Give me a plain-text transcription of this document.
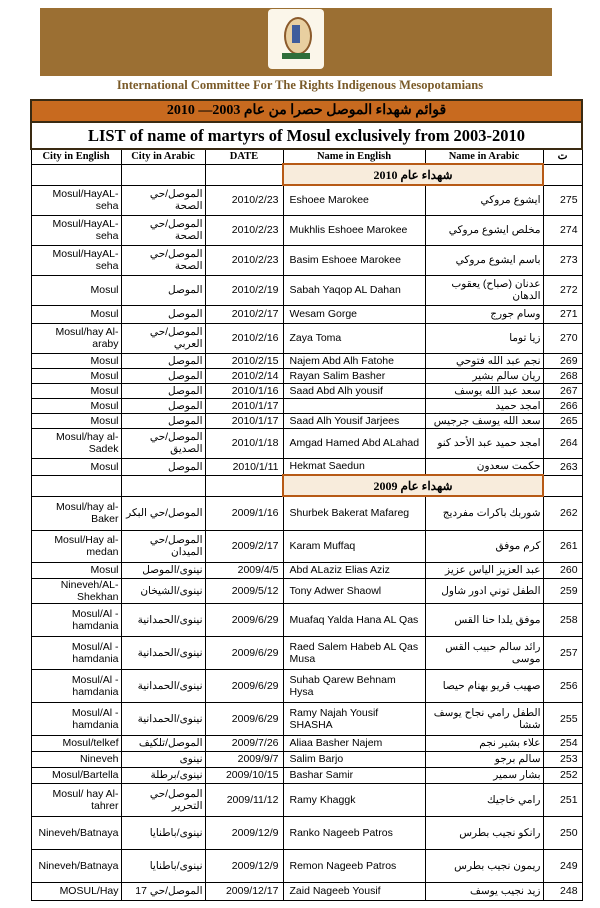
International Committee For The Rights Indigenous Mesopotamians
قوائم شهداء الموصل حصرا من عام 2003— 2010					
LIST of name of martyrs of Mosul exclusively from 2003-2010					
City in English	City in Arabic	DATE	Name in English	Name in Arabic	ت
			شهداء عام 2010		
Mosul/HayAL-seha	الموصل/حي الصحة	2010/2/23	Eshoee Marokee	ايشوع مروكي	275
Mosul/HayAL-seha	الموصل/حي الصحة	2010/2/23	Mukhlis Eshoee Marokee	مخلص ايشوع مروكي	274
Mosul/HayAL-seha	الموصل/حي الصحة	2010/2/23	Basim Eshoee Marokee	باسم ايشوع مروكي	273
Mosul	الموصل	2010/2/19	Sabah Yaqop AL Dahan	عدنان (صباح) يعقوب الدهان	272
Mosul	الموصل	2010/2/17	Wesam Gorge	وسام جورج	271
Mosul/hay Al-araby	الموصل/حي العربي	2010/2/16	Zaya Toma	زيا توما	270
Mosul	الموصل	2010/2/15	Najem Abd Alh Fatohe	نجم عبد الله فتوحي	269
Mosul	الموصل	2010/2/14	Rayan Salim Basher	ريان سالم بشير	268
Mosul	الموصل	2010/1/16	Saad Abd Alh yousif	سعد عبد الله يوسف	267
Mosul	الموصل	2010/1/17		امجد حميد	266
Mosul	الموصل	2010/1/17	Saad Alh Yousif Jarjees	سعد الله يوسف جرجيس	265
Mosul/hay al-Sadek	الموصل/حي الصديق	2010/1/18	Amgad Hamed Abd ALahad	امجد حميد عبد الأحد كنو	264
Mosul	الموصل	2010/1/11	Hekmat Saedun	حكمت سعدون	263
			شهداء عام 2009		
Mosul/hay al-Baker	الموصل/حي البكر	2009/1/16	Shurbek Bakerat Mafareg	شوربك باكرات مفرديج	262
Mosul/Hay al-medan	الموصل/حي الميدان	2009/2/17	Karam Muffaq	كرم موفق	261
Mosul	نينوى/الموصل	2009/4/5	Abd ALaziz Elias Aziz	عبد العزيز الياس عزيز	260
Nineveh/AL-Shekhan	نينوى/الشيخان	2009/5/12	Tony Adwer Shaowl	الطفل توني ادور شاول	259
Mosul/Al - hamdania	نينوى/الحمدانية	2009/6/29	Muafaq Yalda Hana AL Qas	موفق يلدا حنا القس	258
Mosul/Al - hamdania	نينوى/الحمدانية	2009/6/29	Raed Salem Habeb AL Qas Musa	رائد سالم حبيب القس موسى	257
Mosul/Al - hamdania	نينوى/الحمدانية	2009/6/29	Suhab Qarew Behnam Hysa	صهيب قريو بهنام حيصا	256
Mosul/Al - hamdania	نينوى/الحمدانية	2009/6/29	Ramy Najah Yousif SHASHA	الطفل رامي نجاح يوسف ششا	255
Mosul/telkef	الموصل/تلكيف	2009/7/26	Aliaa Basher Najem	علاء بشير نجم	254
Nineveh	نينوى	2009/9/7	Salim Barjo	سالم برجو	253
Mosul/Bartella	نينوى/برطلة	2009/10/15	Bashar Samir	بشار سمير	252
Mosul/ hay Al-tahrer	الموصل/حي التحرير	2009/11/12	Ramy Khaggk	رامي خاجيك	251
Nineveh/Batnaya	نينوى/باطنايا	2009/12/9	Ranko Nageeb Patros	رانكو نجيب بطرس	250
Nineveh/Batnaya	نينوى/باطنايا	2009/12/9	Remon Nageeb Patros	ريمون نجيب بطرس	249
MOSUL/Hay	الموصل/حي 17	2009/12/17	Zaid Nageeb Yousif	زيد نجيب يوسف	248
